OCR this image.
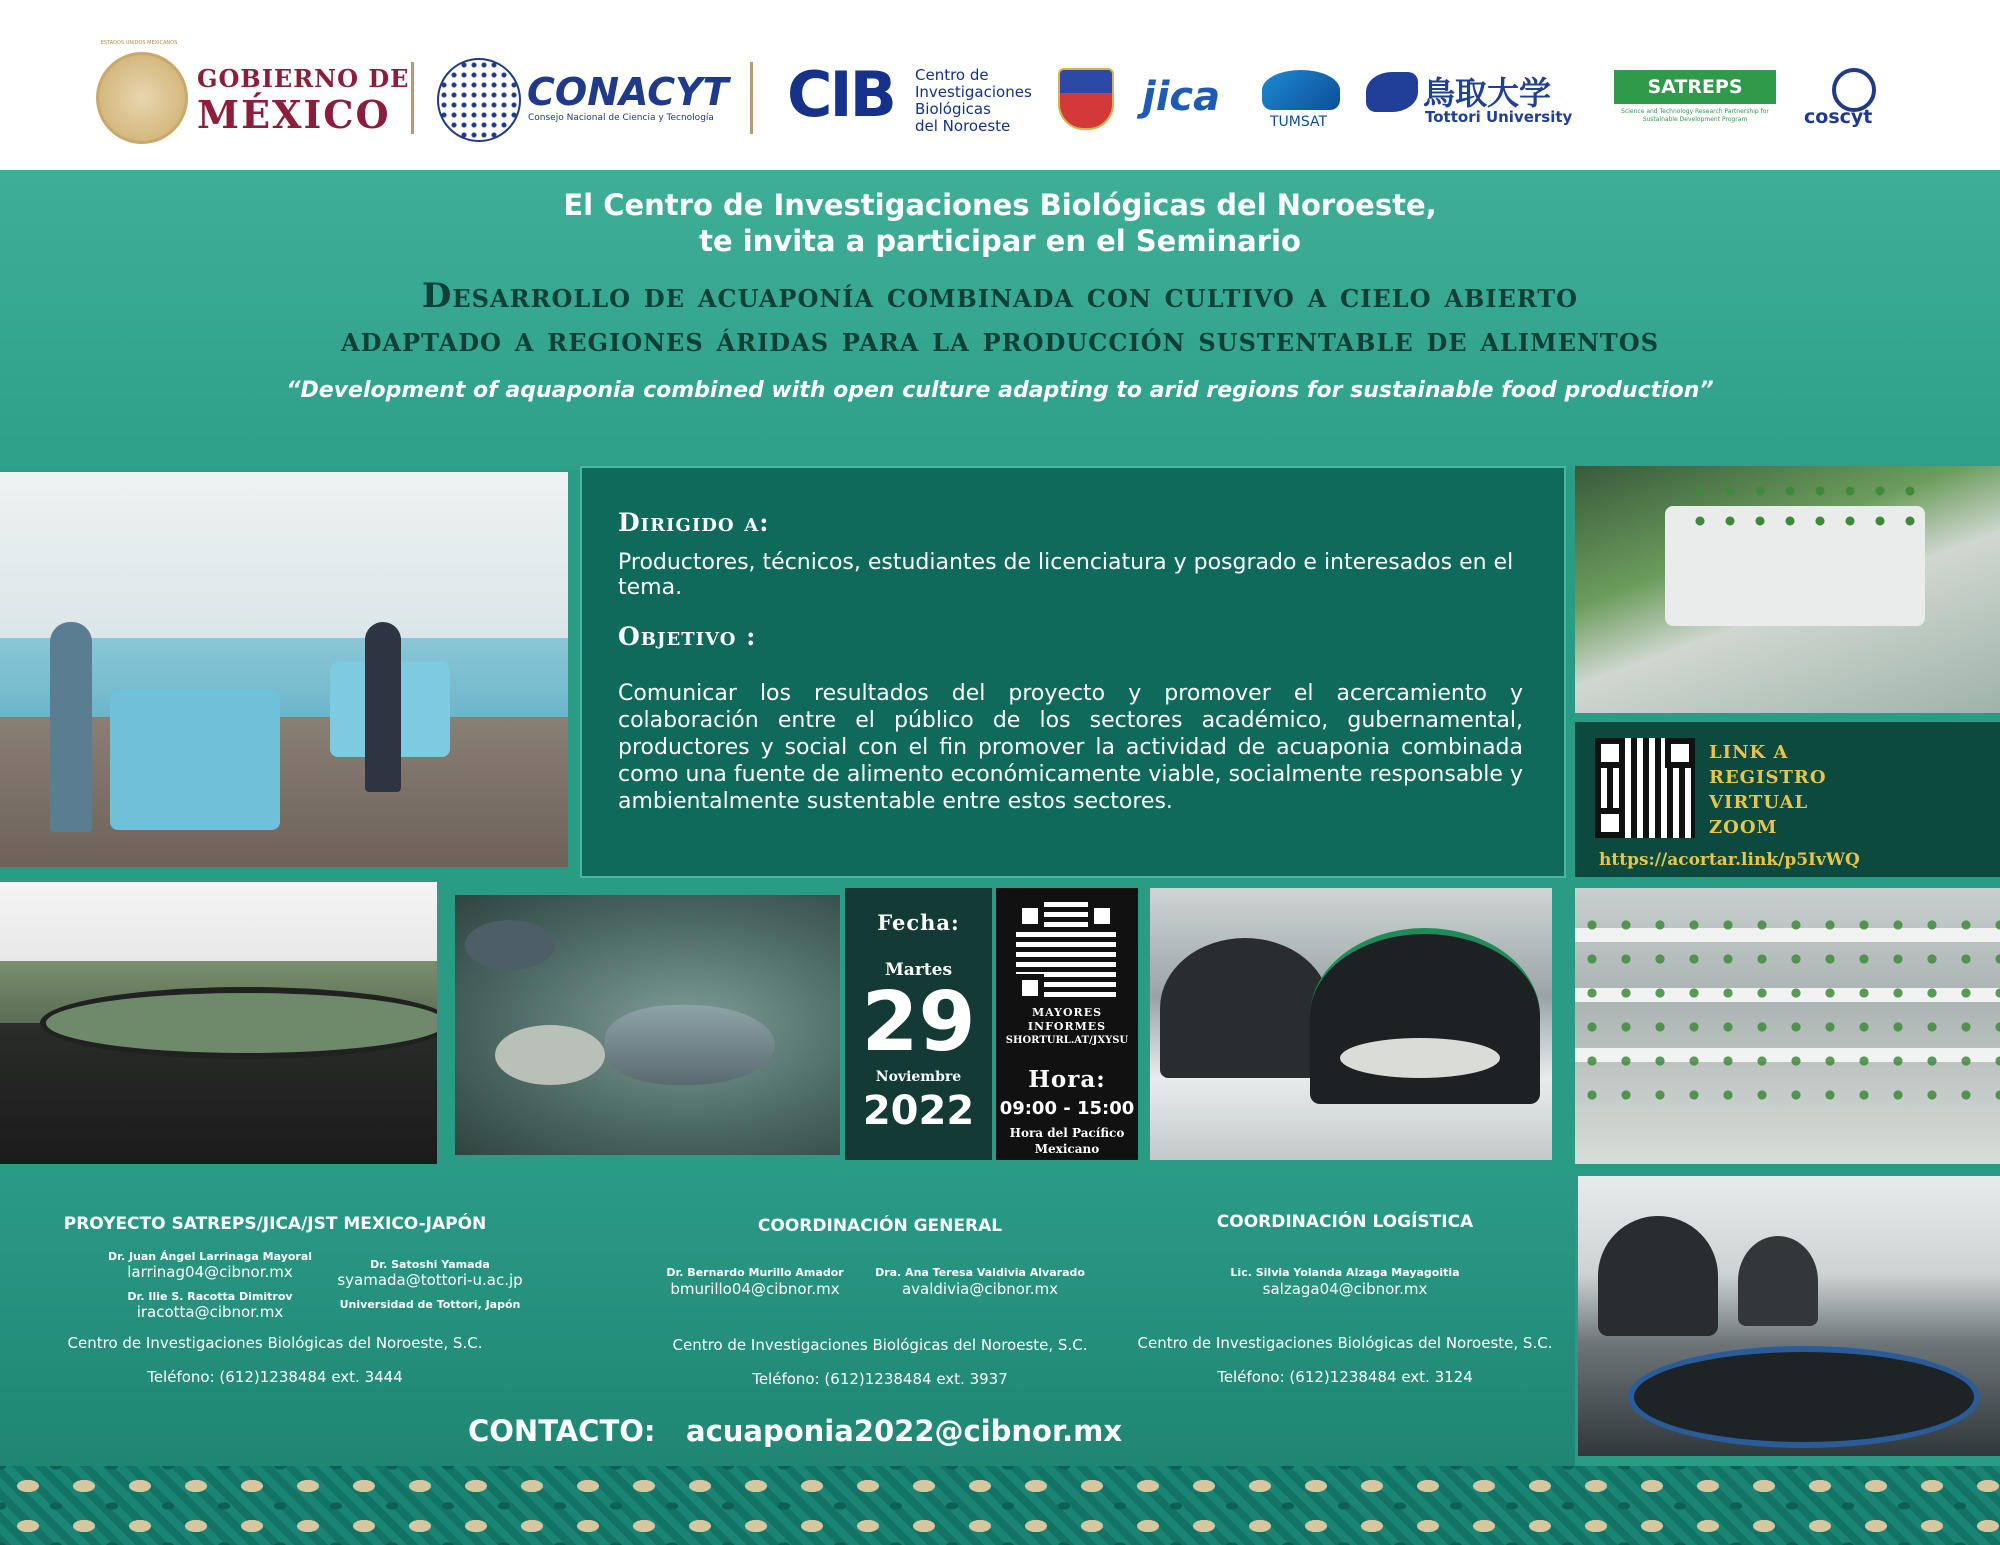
ESTADOS UNIDOS MEXICANOS
GOBIERNO DE
MÉXICO	CONACYT
Consejo Nacional de Ciencia y Tecnología CIB Centro de
Investigaciones
Biológicas
del Noroeste
jica
TUMSAT
鳥取大学
Tottori University
SATREPS
Science and Technology Research Partnership for Sustainable Development Program	coscyt
El Centro de Investigaciones Biológicas del Noroeste,
te invita a participar en el Seminario
Desarrollo de acuaponía combinada con cultivo a cielo abierto
adaptado a regiones áridas para la producción sustentable de alimentos
“Development of aquaponia combined with open culture adapting to arid regions for sustainable food production”
Dirigido a:
Productores, técnicos, estudiantes de licenciatura y posgrado e interesados en el tema.
Objetivo :
Comunicar los resultados del proyecto y promover el acercamiento y colaboración entre el público de los sectores académico, gubernamental, productores y social con el fin promover la actividad de acuaponia combinada como una fuente de alimento económicamente viable, socialmente responsable y ambientalmente sustentable entre estos sectores.
LINK A
REGISTRO
VIRTUAL
ZOOM
https://acortar.link/p5IvWQ
Fecha:
Martes
29
Noviembre
2022
MAYORES
INFORMES
SHORTURL.AT/JXYSU
Hora:
09:00 - 15:00
Hora del Pacífico
Mexicano
PROYECTO SATREPS/JICA/JST MEXICO-JAPÓN
Dr. Juan Ángel Larrinaga Mayoral
larrinag04@cibnor.mx	Dr. Satoshi Yamada
syamada@tottori-u.ac.jp
Dr. Ilie S. Racotta Dimitrov
iracotta@cibnor.mx	Universidad de Tottori, Japón
Centro de Investigaciones Biológicas del Noroeste, S.C.
Teléfono: (612)1238484 ext. 3444
COORDINACIÓN GENERAL
Dr. Bernardo Murillo Amador
bmurillo04@cibnor.mx
Dra. Ana Teresa Valdivia Alvarado
avaldivia@cibnor.mx
Centro de Investigaciones Biológicas del Noroeste, S.C.
Teléfono: (612)1238484 ext. 3937
COORDINACIÓN LOGÍSTICA
Lic. Silvia Yolanda Alzaga Mayagoitia
salzaga04@cibnor.mx
Centro de Investigaciones Biológicas del Noroeste, S.C.
Teléfono: (612)1238484 ext. 3124
CONTACTO: acuaponia2022@cibnor.mx
